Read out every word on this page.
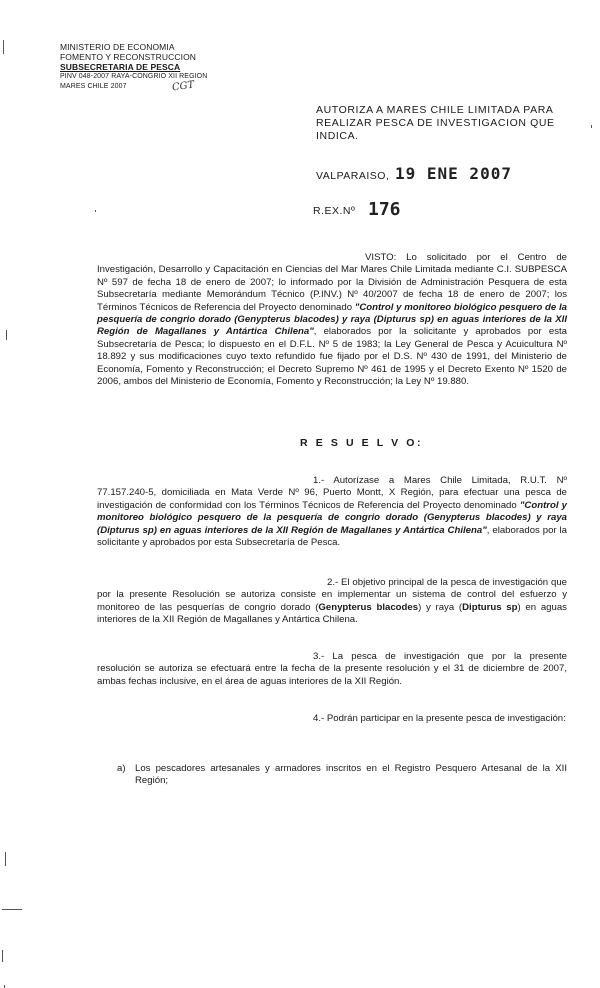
MINISTERIO DE ECONOMIA
FOMENTO Y RECONSTRUCCION
SUBSECRETARIA DE PESCA
PINV 048-2007 RAYA-CONGRIO XII REGION
MARES CHILE 2007	CGT
AUTORIZA A MARES CHILE LIMITADA PARA REALIZAR PESCA DE INVESTIGACION QUE INDICA.
VALPARAISO, 19 ENE 2007
R.EX.Nº 176
VISTO: Lo solicitado por el Centro de Investigación, Desarrollo y Capacitación en Ciencias del Mar Mares Chile Limitada mediante C.I. SUBPESCA Nº 597 de fecha 18 de enero de 2007; lo informado por la División de Administración Pesquera de esta Subsecretaría mediante Memorándum Técnico (P.INV.) Nº 40/2007 de fecha 18 de enero de 2007; los Términos Técnicos de Referencia del Proyecto denominado "Control y monitoreo biológico pesquero de la pesquería de congrio dorado (Genypterus blacodes) y raya (Dipturus sp) en aguas interiores de la XII Región de Magallanes y Antártica Chilena", elaborados por la solicitante y aprobados por esta Subsecretaría de Pesca; lo dispuesto en el D.F.L. Nº 5 de 1983; la Ley General de Pesca y Acuicultura Nº 18.892 y sus modificaciones cuyo texto refundido fue fijado por el D.S. Nº 430 de 1991, del Ministerio de Economía, Fomento y Reconstrucción; el Decreto Supremo Nº 461 de 1995 y el Decreto Exento Nº 1520 de 2006, ambos del Ministerio de Economía, Fomento y Reconstrucción; la Ley Nº 19.880.
R E S U E L V O:
1.- Autorízase a Mares Chile Limitada, R.U.T. Nº 77.157.240-5, domiciliada en Mata Verde Nº 96, Puerto Montt, X Región, para efectuar una pesca de investigación de conformidad con los Términos Técnicos de Referencia del Proyecto denominado "Control y monitoreo biológico pesquero de la pesquería de congrio dorado (Genypterus blacodes) y raya (Dipturus sp) en aguas interiores de la XII Región de Magallanes y Antártica Chilena", elaborados por la solicitante y aprobados por esta Subsecretaría de Pesca.
2.- El objetivo principal de la pesca de investigación que por la presente Resolución se autoriza consiste en implementar un sistema de control del esfuerzo y monitoreo de las pesquerías de congrio dorado (Genypterus blacodes) y raya (Dipturus sp) en aguas interiores de la XII Región de Magallanes y Antártica Chilena.
3.- La pesca de investigación que por la presente resolución se autoriza se efectuará entre la fecha de la presente resolución y el 31 de diciembre de 2007, ambas fechas inclusive, en el área de aguas interiores de la XII Región.
4.- Podrán participar en la presente pesca de investigación:
a) Los pescadores artesanales y armadores inscritos en el Registro Pesquero Artesanal de la XII Región;
